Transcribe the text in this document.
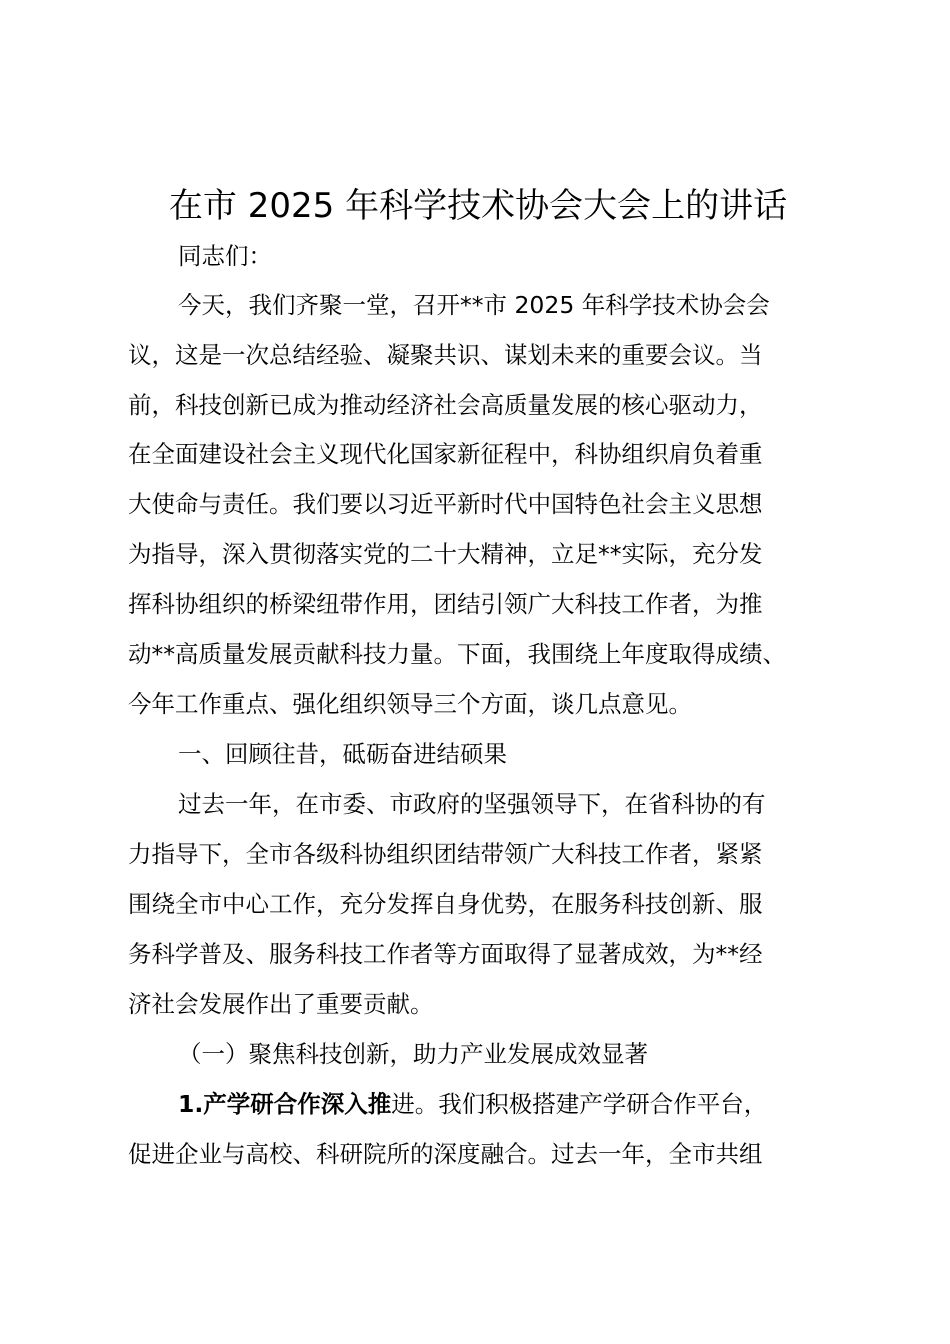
在市 2025 年科学技术协会大会上的讲话
同志们：
今天，我们齐聚一堂，召开**市 2025 年科学技术协会会
议，这是一次总结经验、凝聚共识、谋划未来的重要会议。当
前，科技创新已成为推动经济社会高质量发展的核心驱动力，
在全面建设社会主义现代化国家新征程中，科协组织肩负着重
大使命与责任。我们要以习近平新时代中国特色社会主义思想
为指导，深入贯彻落实党的二十大精神，立足**实际，充分发
挥科协组织的桥梁纽带作用，团结引领广大科技工作者，为推
动**高质量发展贡献科技力量。下面，我围绕上年度取得成绩、
今年工作重点、强化组织领导三个方面，谈几点意见。
一、回顾往昔，砥砺奋进结硕果
过去一年，在市委、市政府的坚强领导下，在省科协的有
力指导下，全市各级科协组织团结带领广大科技工作者，紧紧
围绕全市中心工作，充分发挥自身优势，在服务科技创新、服
务科学普及、服务科技工作者等方面取得了显著成效，为**经
济社会发展作出了重要贡献。
（一）聚焦科技创新，助力产业发展成效显著
1.产学研合作深入推进。我们积极搭建产学研合作平台，
促进企业与高校、科研院所的深度融合。过去一年，全市共组
